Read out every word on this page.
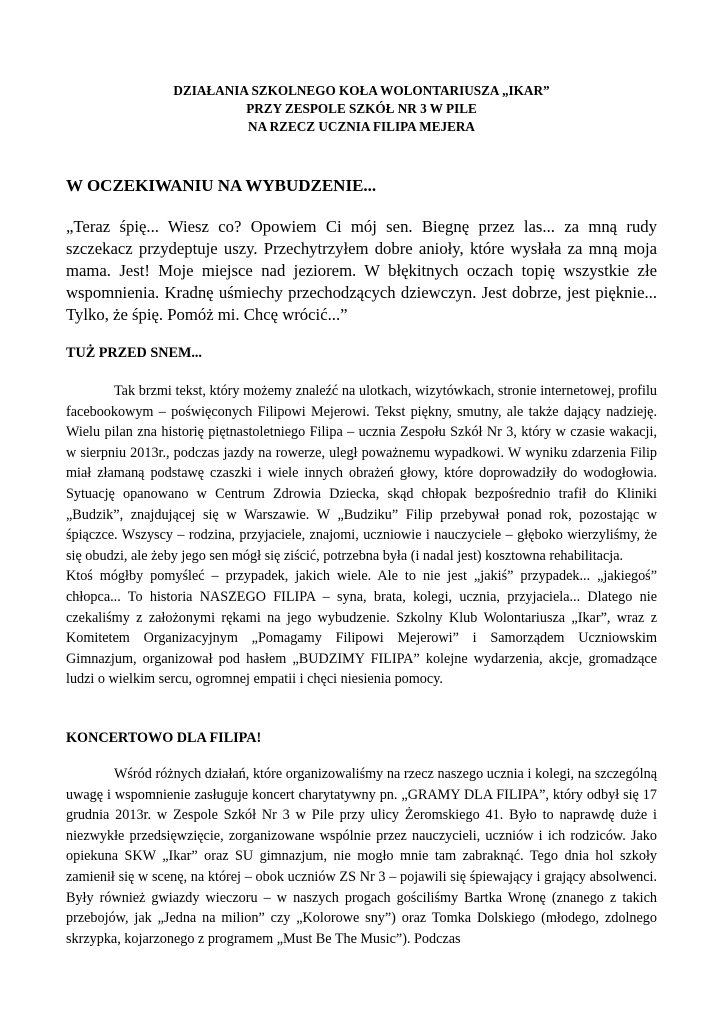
DZIAŁANIA SZKOLNEGO KOŁA WOLONTARIUSZA „IKAR”
PRZY ZESPOLE SZKÓŁ NR 3 W PILE
NA RZECZ UCZNIA FILIPA MEJERA
W OCZEKIWANIU NA WYBUDZENIE...
„Teraz śpię... Wiesz co? Opowiem Ci mój sen. Biegnę przez las... za mną rudy szczekacz przydeptuje uszy. Przechytrzyłem dobre anioły, które wysłała za mną moja mama. Jest! Moje miejsce nad jeziorem. W błękitnych oczach topię wszystkie złe wspomnienia. Kradnę uśmiechy przechodzących dziewczyn. Jest dobrze, jest pięknie... Tylko, że śpię. Pomóż mi. Chcę wrócić...”
TUŻ PRZED SNEM...

Tak brzmi tekst, który możemy znaleźć na ulotkach, wizytówkach, stronie internetowej, profilu facebookowym – poświęconych Filipowi Mejerowi. Tekst piękny, smutny, ale także dający nadzieję. Wielu pilan zna historię piętnastoletniego Filipa – ucznia Zespołu Szkół Nr 3, który w czasie wakacji, w sierpniu 2013r., podczas jazdy na rowerze, uległ poważnemu wypadkowi. W wyniku zdarzenia Filip miał złamaną podstawę czaszki i wiele innych obrażeń głowy, które doprowadziły do wodogłowia. Sytuację opanowano w Centrum Zdrowia Dziecka, skąd chłopak bezpośrednio trafił do Kliniki „Budzik”, znajdującej się w Warszawie. W „Budziku” Filip przebywał ponad rok, pozostając w śpiączce. Wszyscy – rodzina, przyjaciele, znajomi, uczniowie i nauczyciele – głęboko wierzyliśmy, że się obudzi, ale żeby jego sen mógł się ziścić, potrzebna była (i nadal jest) kosztowna rehabilitacja.

Ktoś mógłby pomyśleć – przypadek, jakich wiele. Ale to nie jest „jakiś” przypadek... „jakiegoś” chłopca... To historia NASZEGO FILIPA – syna, brata, kolegi, ucznia, przyjaciela... Dlatego nie czekaliśmy z założonymi rękami na jego wybudzenie. Szkolny Klub Wolontariusza „Ikar”, wraz z Komitetem Organizacyjnym „Pomagamy Filipowi Mejerowi” i Samorządem Uczniowskim Gimnazjum, organizował pod hasłem „BUDZIMY FILIPA” kolejne wydarzenia, akcje, gromadzące ludzi o wielkim sercu, ogromnej empatii i chęci niesienia pomocy.

KONCERTOWO DLA FILIPA!

Wśród różnych działań, które organizowaliśmy na rzecz naszego ucznia i kolegi, na szczególną uwagę i wspomnienie zasługuje koncert charytatywny pn. „GRAMY DLA FILIPA”, który odbył się 17 grudnia 2013r. w Zespole Szkół Nr 3 w Pile przy ulicy Żeromskiego 41. Było to naprawdę duże i niezwykłe przedsięwzięcie, zorganizowane wspólnie przez nauczycieli, uczniów i ich rodziców. Jako opiekuna SKW „Ikar” oraz SU gimnazjum, nie mogło mnie tam zabraknąć. Tego dnia hol szkoły zamienił się w scenę, na której – obok uczniów ZS Nr 3 – pojawili się śpiewający i grający absolwenci. Były również gwiazdy wieczoru – w naszych progach gościliśmy Bartka Wronę (znanego z takich przebojów, jak „Jedna na milion” czy „Kolorowe sny”) oraz Tomka Dolskiego (młodego, zdolnego skrzypka, kojarzonego z programem „Must Be The Music”). Podczas
